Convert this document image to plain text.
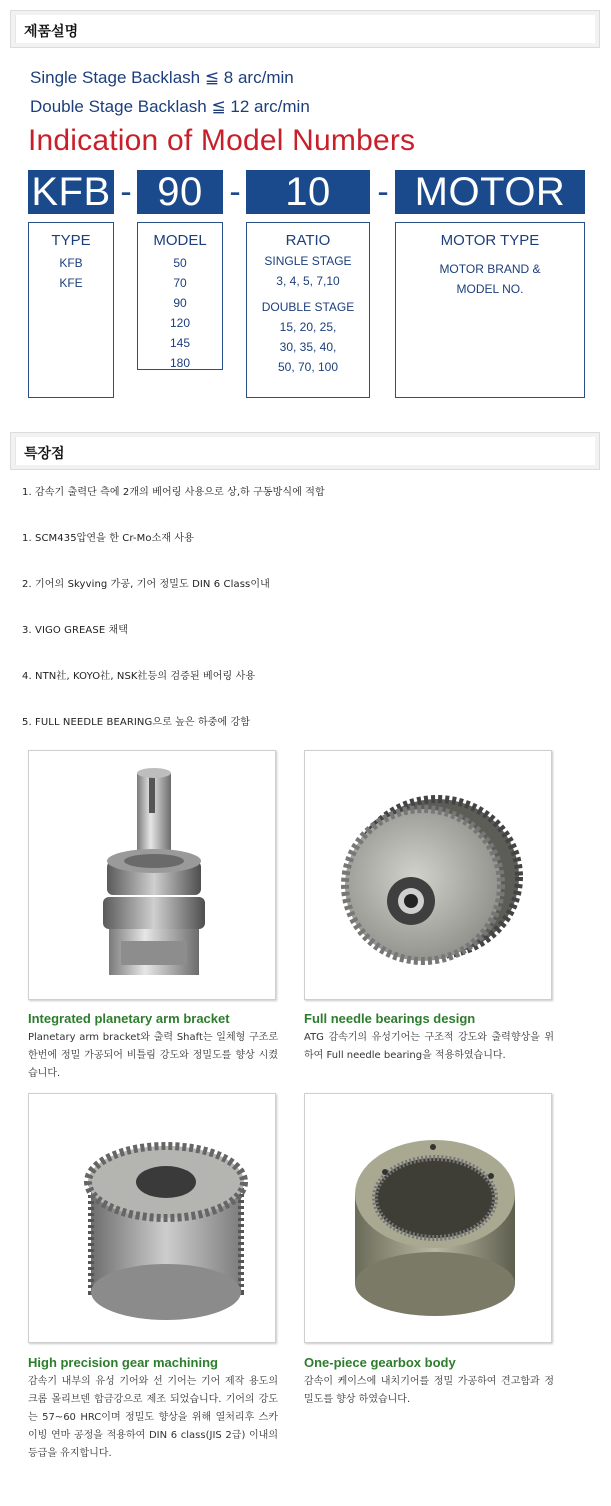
제품설명
Single Stage Backlash ≦ 8 arc/min
Double Stage Backlash ≦ 12 arc/min
Indication of Model Numbers
KFB - 90 -	10	- MOTOR
TYPE
KFB
KFE
MODEL
50
70
90
120
145
180
RATIO
SINGLE STAGE
3, 4, 5, 7,10
DOUBLE STAGE
15, 20, 25,
30, 35, 40,
50, 70, 100
MOTOR TYPE
MOTOR BRAND &
MODEL NO.
특장점
1. 감속기 출력단 측에 2개의 베어링 사용으로 상,하 구동방식에 적합
1. SCM435압연을 한 Cr-Mo소재 사용
2. 기어의 Skyving 가공, 기어 정밀도 DIN 6 Class이내
3. VIGO GREASE 채택
4. NTN社, KOYO社, NSK社등의 검증된 베어링 사용
5. FULL NEEDLE BEARING으로 높은 하중에 강함
Integrated planetary arm bracket
Planetary arm bracket와 출력 Shaft는 일체형 구조로 한번에 정밀 가공되어 비틀림 강도와 정밀도를 향상 시켰습니다.
Full needle bearings design
ATG 감속기의 유성기어는 구조적 강도와 출력향상을 위하여 Full needle bearing을 적용하였습니다.
High precision gear machining
감속기 내부의 유성 기어와 선 기어는 기어 제작 용도의 크롬 몰리브덴 합금강으로 제조 되었습니다. 기어의 강도는 57~60 HRC이며 정밀도 향상을 위해 열처리후 스카이빙 연마 공정을 적용하여 DIN 6 class(JIS 2급) 이내의 등급을 유지합니다.
One-piece gearbox body
감속이 케이스에 내치기어를 정밀 가공하여 견고함과 정밀도를 향상 하였습니다.
